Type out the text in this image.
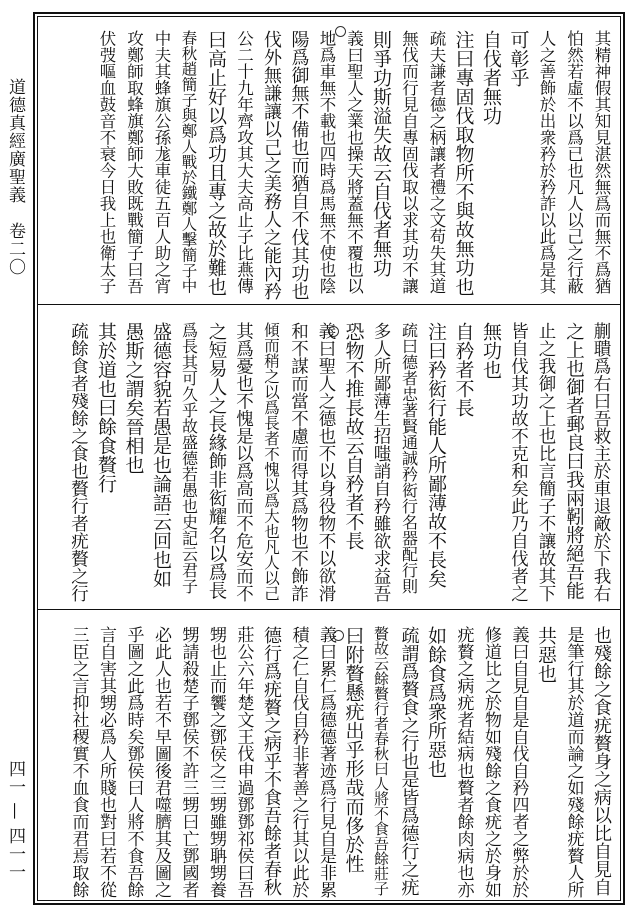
道德真經廣聖義
卷二〇
四一 — 四一一
其精神假其知見湛然無爲而無不爲猶
怕然若虛不以爲已也凡人以己之行蔽
人之善飾於出衆矜於矜詐以此爲是其
可彰乎
自伐者無功
注曰專固伐取物所不與故無功也
疏夫謙者德之柄讓者禮之文苟失其道
無伐而行見自專固伐取以求其功不讓
則爭功斯溢失故云自伐者無功
義曰聖人之業也操天將蓋無不覆也以
地爲車無不載也四時爲馬無不使也陰
陽爲御無不備也而猶自不伐其功也
伐外無謙讓以己之美務人之能內矜
公二十九年齊攻其大夫高止子比燕傳
曰高止好以爲功且專之故於難也
春秋趙簡子與鄭人戰於鐵鄭人擊簡子中
中夫其蜂旗公孫尨車徒五百人助之宵
攻鄭師取蜂旗鄭師大敗既戰簡子曰吾
伏弢嘔血鼓音不衰今日我上也衛太子
蒯聵爲右曰吾救主於車退敵於下我右
之上也御者郵良曰我兩靷將絕吾能
止之我御之上也比言簡子不讓故其下
皆自伐其功故不克和矣此乃自伐者之
無功也
自矜者不長
注曰矜衒行能人所鄙薄故不長矣
疏曰德者忠著賢通誠矜衒行名器配行則
多人所鄙薄生招嗤誚自矜雖欲求益吾
恐物不推長故云自矜者不長
義曰聖人之德也不以身役物不以欲滑
和不謀而當不慮而得其爲物也不飾詐
傾而稍之以爲長者不愧以爲大也凡人以己
其爲憂也不愧是以爲高而不危安而不
之短易人之長緣飾非衒耀名以爲長
爲長其可久乎故盛德若愚也史記云君子
盛德容貌若愚是也論語云回也如
愚斯之謂矣晉相也
其於道也曰餘食贅行
疏餘食者殘餘之食也贅行者疣贅之行
也殘餘之食疣贅身之病以比自見自
是筆行其於道而論之如殘餘疣贅人所
共惡也
義曰自見自是自伐自矜四者之弊於於
修道比之於物如殘餘之食疣之於身如
疣贅之病疣者結病也贅者餘肉病也亦
如餘食爲衆所惡也
疏謂爲贅食之行也是皆爲德行之疣
贅故云餘贅行者春秋曰人將不食吾餘莊子
曰附贅懸疣出乎形哉而侈於性
義曰累仁爲德德著迹爲行見自是非累
積之仁自伐自矜非著善之行其以此於
德行爲疣贅之病乎不食吾餘者春秋
莊公六年楚文王伐申過鄧鄧祁侯曰吾
甥也止而饗之鄧侯之三甥雖甥聃甥養
甥請殺楚子鄧侯不許三甥曰亡鄧國者
必此人也若不早圖後君噬臍其及圖之
乎圖之此爲時矣鄧侯曰人將不食吾餘
言自害其甥必爲人所賤也對曰若不從
三臣之言抑社稷實不血食而君焉取餘
